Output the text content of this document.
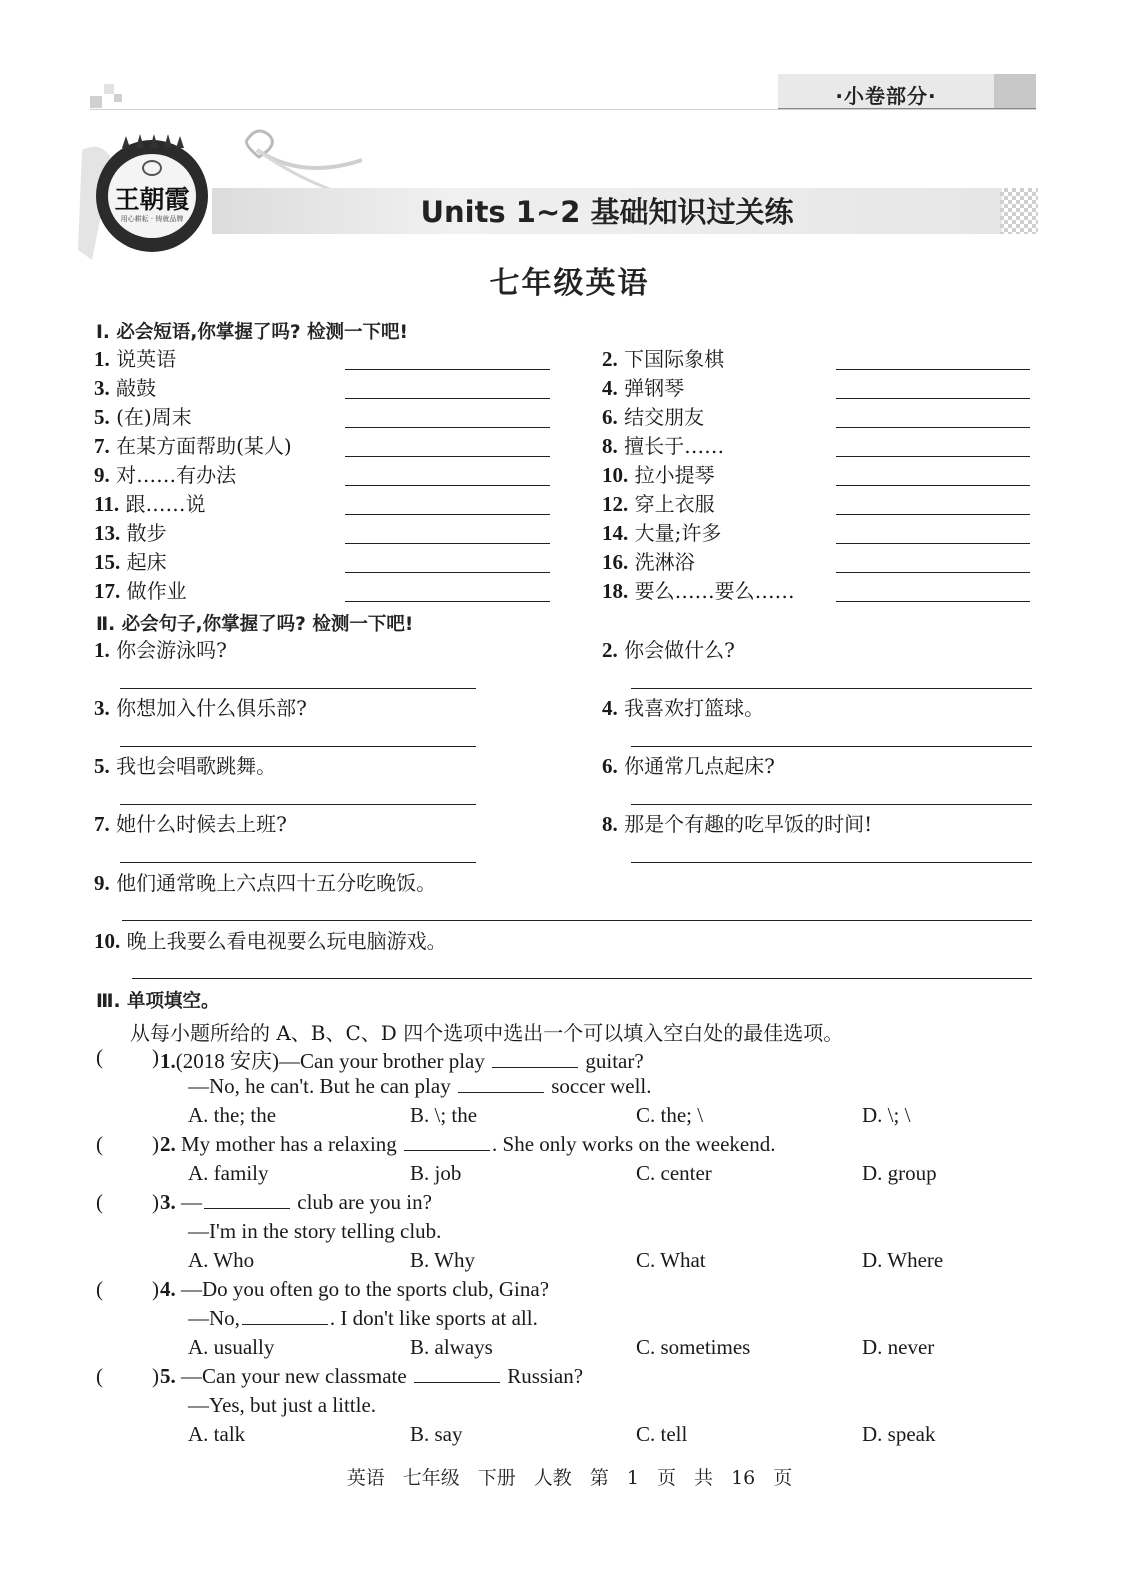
·小卷部分·
王朝霞
用心耕耘 · 铸就品牌	Units 1~2 基础知识过关练
七年级英语
Ⅰ. 必会短语,你掌握了吗? 检测一下吧!
1. 说英语	2. 下国际象棋
3. 敲鼓	4. 弹钢琴
5. (在)周末	6. 结交朋友
7. 在某方面帮助(某人)	8. 擅长于……
9. 对……有办法	10. 拉小提琴
11. 跟……说	12. 穿上衣服
13. 散步	14. 大量;许多
15. 起床	16. 洗淋浴
17. 做作业	18. 要么……要么……
Ⅱ. 必会句子,你掌握了吗? 检测一下吧!
1. 你会游泳吗?	2. 你会做什么?
3. 你想加入什么俱乐部?	4. 我喜欢打篮球。
5. 我也会唱歌跳舞。	6. 你通常几点起床?
7. 她什么时候去上班?	8. 那是个有趣的吃早饭的时间!
9. 他们通常晚上六点四十五分吃晚饭。
10. 晚上我要么看电视要么玩电脑游戏。
Ⅲ. 单项填空。
从每小题所给的 A、B、C、D 四个选项中选出一个可以填入空白处的最佳选项。
( ) 1.(2018 安庆)—Can your brother play	guitar?
—No, he can't. But he can play	soccer well.
A. the; the	B. \; the	C. the; \	D. \; \
( ) 2. My mother has a relaxing	. She only works on the weekend.
A. family	B. job	C. center	D. group
( ) 3. —	club are you in?
—I'm in the story telling club.
A. Who	B. Why	C. What	D. Where
( ) 4. —Do you often go to the sports club, Gina?
—No,	. I don't like sports at all.
A. usually	B. always	C. sometimes	D. never
( ) 5. —Can your new classmate	Russian?
—Yes, but just a little.
A. talk	B. say	C. tell	D. speak
英语 七年级 下册 人教 第 1 页 共 16 页
